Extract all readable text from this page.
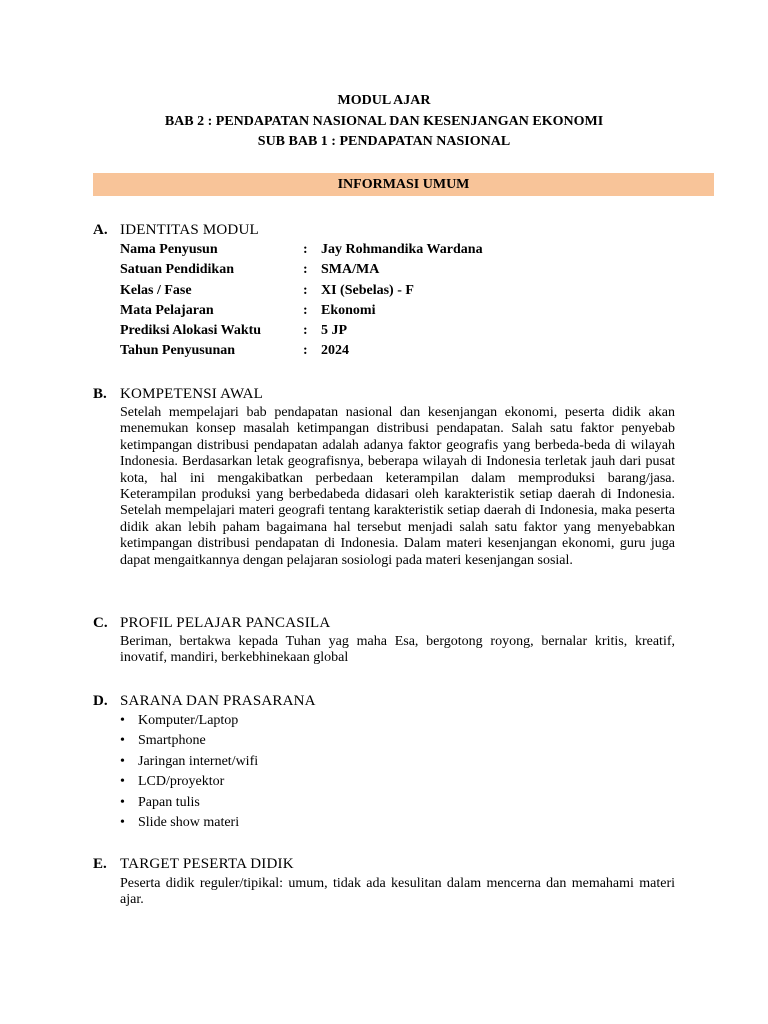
MODUL AJAR
BAB 2 : PENDAPATAN NASIONAL DAN KESENJANGAN EKONOMI
SUB BAB 1 : PENDAPATAN NASIONAL
INFORMASI UMUM
A. IDENTITAS MODUL
Nama Penyusun	:	Jay Rohmandika Wardana
Satuan Pendidikan	:	SMA/MA
Kelas / Fase	:	XI (Sebelas) - F
Mata Pelajaran	:	Ekonomi
Prediksi Alokasi Waktu	:	5 JP
Tahun Penyusunan	:	2024
B. KOMPETENSI AWAL
Setelah mempelajari bab pendapatan nasional dan kesenjangan ekonomi, peserta didik akan menemukan konsep masalah ketimpangan distribusi pendapatan. Salah satu faktor penyebab ketimpangan distribusi pendapatan adalah adanya faktor geografis yang berbeda-beda di wilayah Indonesia. Berdasarkan letak geografisnya, beberapa wilayah di Indonesia terletak jauh dari pusat kota, hal ini mengakibatkan perbedaan keterampilan dalam memproduksi barang/jasa. Keterampilan produksi yang berbedabeda didasari oleh karakteristik setiap daerah di Indonesia. Setelah mempelajari materi geografi tentang karakteristik setiap daerah di Indonesia, maka peserta didik akan lebih paham bagaimana hal tersebut menjadi salah satu faktor yang menyebabkan ketimpangan distribusi pendapatan di Indonesia. Dalam materi kesenjangan ekonomi, guru juga dapat mengaitkannya dengan pelajaran sosiologi pada materi kesenjangan sosial.
C. PROFIL PELAJAR PANCASILA
Beriman, bertakwa kepada Tuhan yag maha Esa, bergotong royong, bernalar kritis, kreatif, inovatif, mandiri, berkebhinekaan global
D. SARANA DAN PRASARANA
• Komputer/Laptop
• Smartphone
• Jaringan internet/wifi
• LCD/proyektor
• Papan tulis
• Slide show materi
E. TARGET PESERTA DIDIK
Peserta didik reguler/tipikal: umum, tidak ada kesulitan dalam mencerna dan memahami materi ajar.
